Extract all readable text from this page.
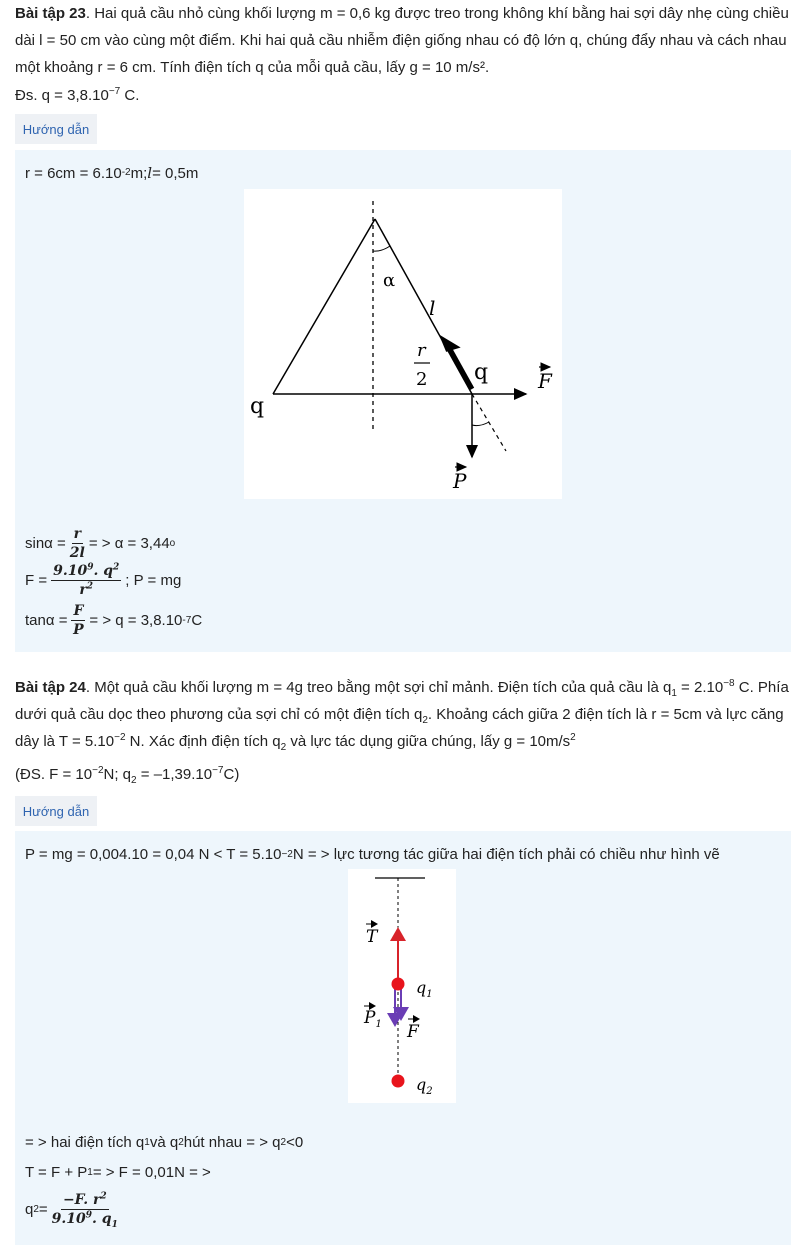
Bài tập 23. Hai quả cầu nhỏ cùng khối lượng m = 0,6 kg được treo trong không khí bằng hai sợi dây nhẹ cùng chiều dài l = 50 cm vào cùng một điểm. Khi hai quả cầu nhiễm điện giống nhau có độ lớn q, chúng đẩy nhau và cách nhau một khoảng r = 6 cm. Tính điện tích q của mỗi quả cầu, lấy g = 10 m/s².

Đs. $q = 3,8.10^{-7}$ C.

Hướng dẫn
r = 6cm = 6.10 -2 m; l = 0,5m
α
l
r
2 q
q
F
P
$\sin\alpha = \frac{r}{2l}$ = > α = 3,44 o
$F = \frac{9.10^9. q^2}{r^2}$ ; P = mg
$\tan\alpha = \frac{F}{P}$ = > q = 3,8.10 -7 C

Bài tập 24. Một quả cầu khối lượng m = 4g treo bằng một sợi chỉ mảnh. Điện tích của quả cầu là $q_1 = 2.10^{-8}$ C. Phía dưới quả cầu dọc theo phương của sợi chỉ có một điện tích $q_2$. Khoảng cách giữa 2 điện tích là r = 5cm và lực căng dây là $T = 5.10^{-2}$ N. Xác định điện tích $q_2$ và lực tác dụng giữa chúng, lấy $g = 10m/s^2$

(ĐS. $F = 10^{-2}N$; $q_2 = -1,39.10^{-7}C$)

Hướng dẫn
P = mg = 0,004.10 = 0,04 N < T = 5.10 −2 N = > lực tương tác giữa hai điện tích phải có chiều như hình vẽ
T
$q_1$
$P_1$ F
$q_2$
= > hai điện tích q 1 và q 2 hút nhau = > q 2 <0
T = F + P 1 = > F = 0,01N = >
q $2 = \frac{-F. r^2}{9.10^9. q_1}$
